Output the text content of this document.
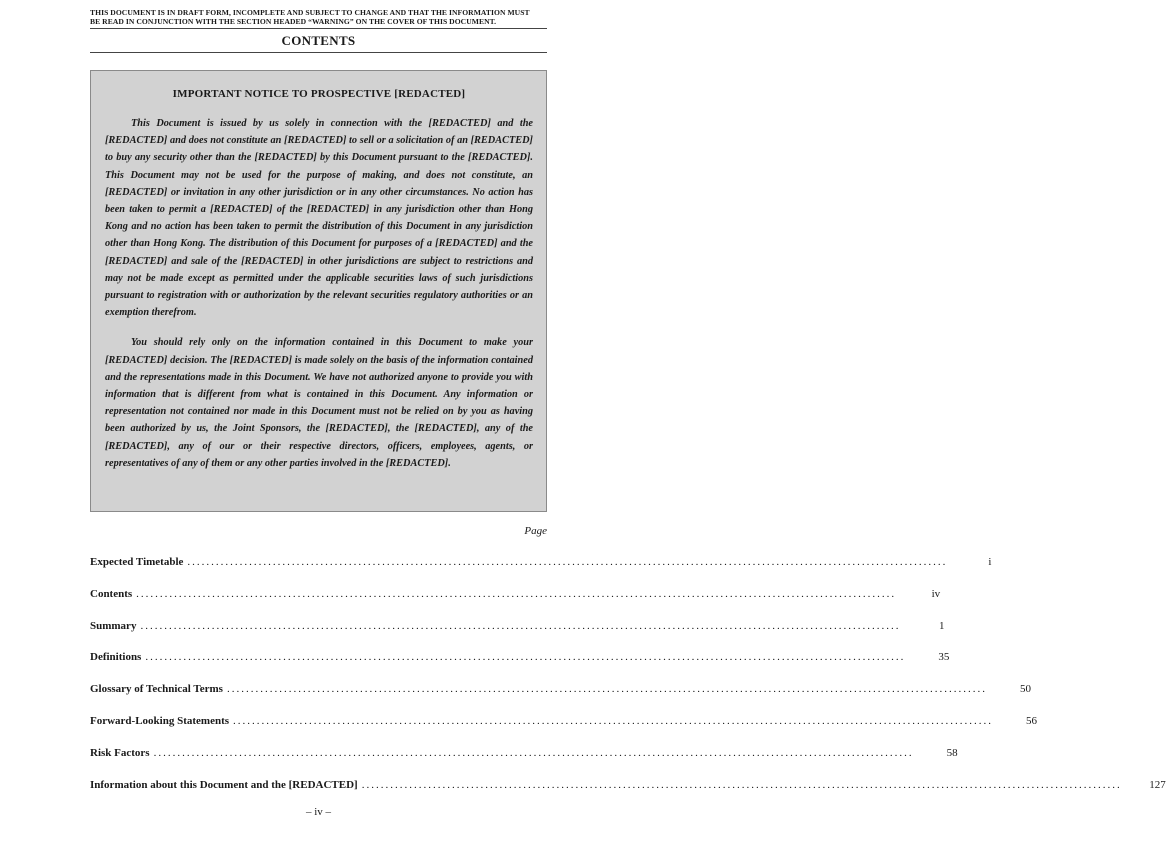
THIS DOCUMENT IS IN DRAFT FORM, INCOMPLETE AND SUBJECT TO CHANGE AND THAT THE INFORMATION MUST
BE READ IN CONJUNCTION WITH THE SECTION HEADED “WARNING” ON THE COVER OF THIS DOCUMENT.
CONTENTS
IMPORTANT NOTICE TO PROSPECTIVE [REDACTED]

This Document is issued by us solely in connection with the [REDACTED] and the [REDACTED] and does not constitute an [REDACTED] to sell or a solicitation of an [REDACTED] to buy any security other than the [REDACTED] by this Document pursuant to the [REDACTED]. This Document may not be used for the purpose of making, and does not constitute, an [REDACTED] or invitation in any other jurisdiction or in any other circumstances. No action has been taken to permit a [REDACTED] of the [REDACTED] in any jurisdiction other than Hong Kong and no action has been taken to permit the distribution of this Document in any jurisdiction other than Hong Kong. The distribution of this Document for purposes of a [REDACTED] and the [REDACTED] and sale of the [REDACTED] in other jurisdictions are subject to restrictions and may not be made except as permitted under the applicable securities laws of such jurisdictions pursuant to registration with or authorization by the relevant securities regulatory authorities or an exemption therefrom.

You should rely only on the information contained in this Document to make your [REDACTED] decision. The [REDACTED] is made solely on the basis of the information contained and the representations made in this Document. We have not authorized anyone to provide you with information that is different from what is contained in this Document. Any information or representation not contained nor made in this Document must not be relied on by you as having been authorized by us, the Joint Sponsors, the [REDACTED], the [REDACTED], any of the [REDACTED], any of our or their respective directors, officers, employees, agents, or representatives of any of them or any other parties involved in the [REDACTED].

Page
Expected Timetable ................................................................................................................................................................	i
Contents ................................................................................................................................................................	iv
Summary ................................................................................................................................................................	1
Definitions ................................................................................................................................................................	35
Glossary of Technical Terms ................................................................................................................................................................	50
Forward-Looking Statements ................................................................................................................................................................	56
Risk Factors ................................................................................................................................................................	58
Information about this Document and the [REDACTED] ................................................................................................................................................................	127
– iv –
